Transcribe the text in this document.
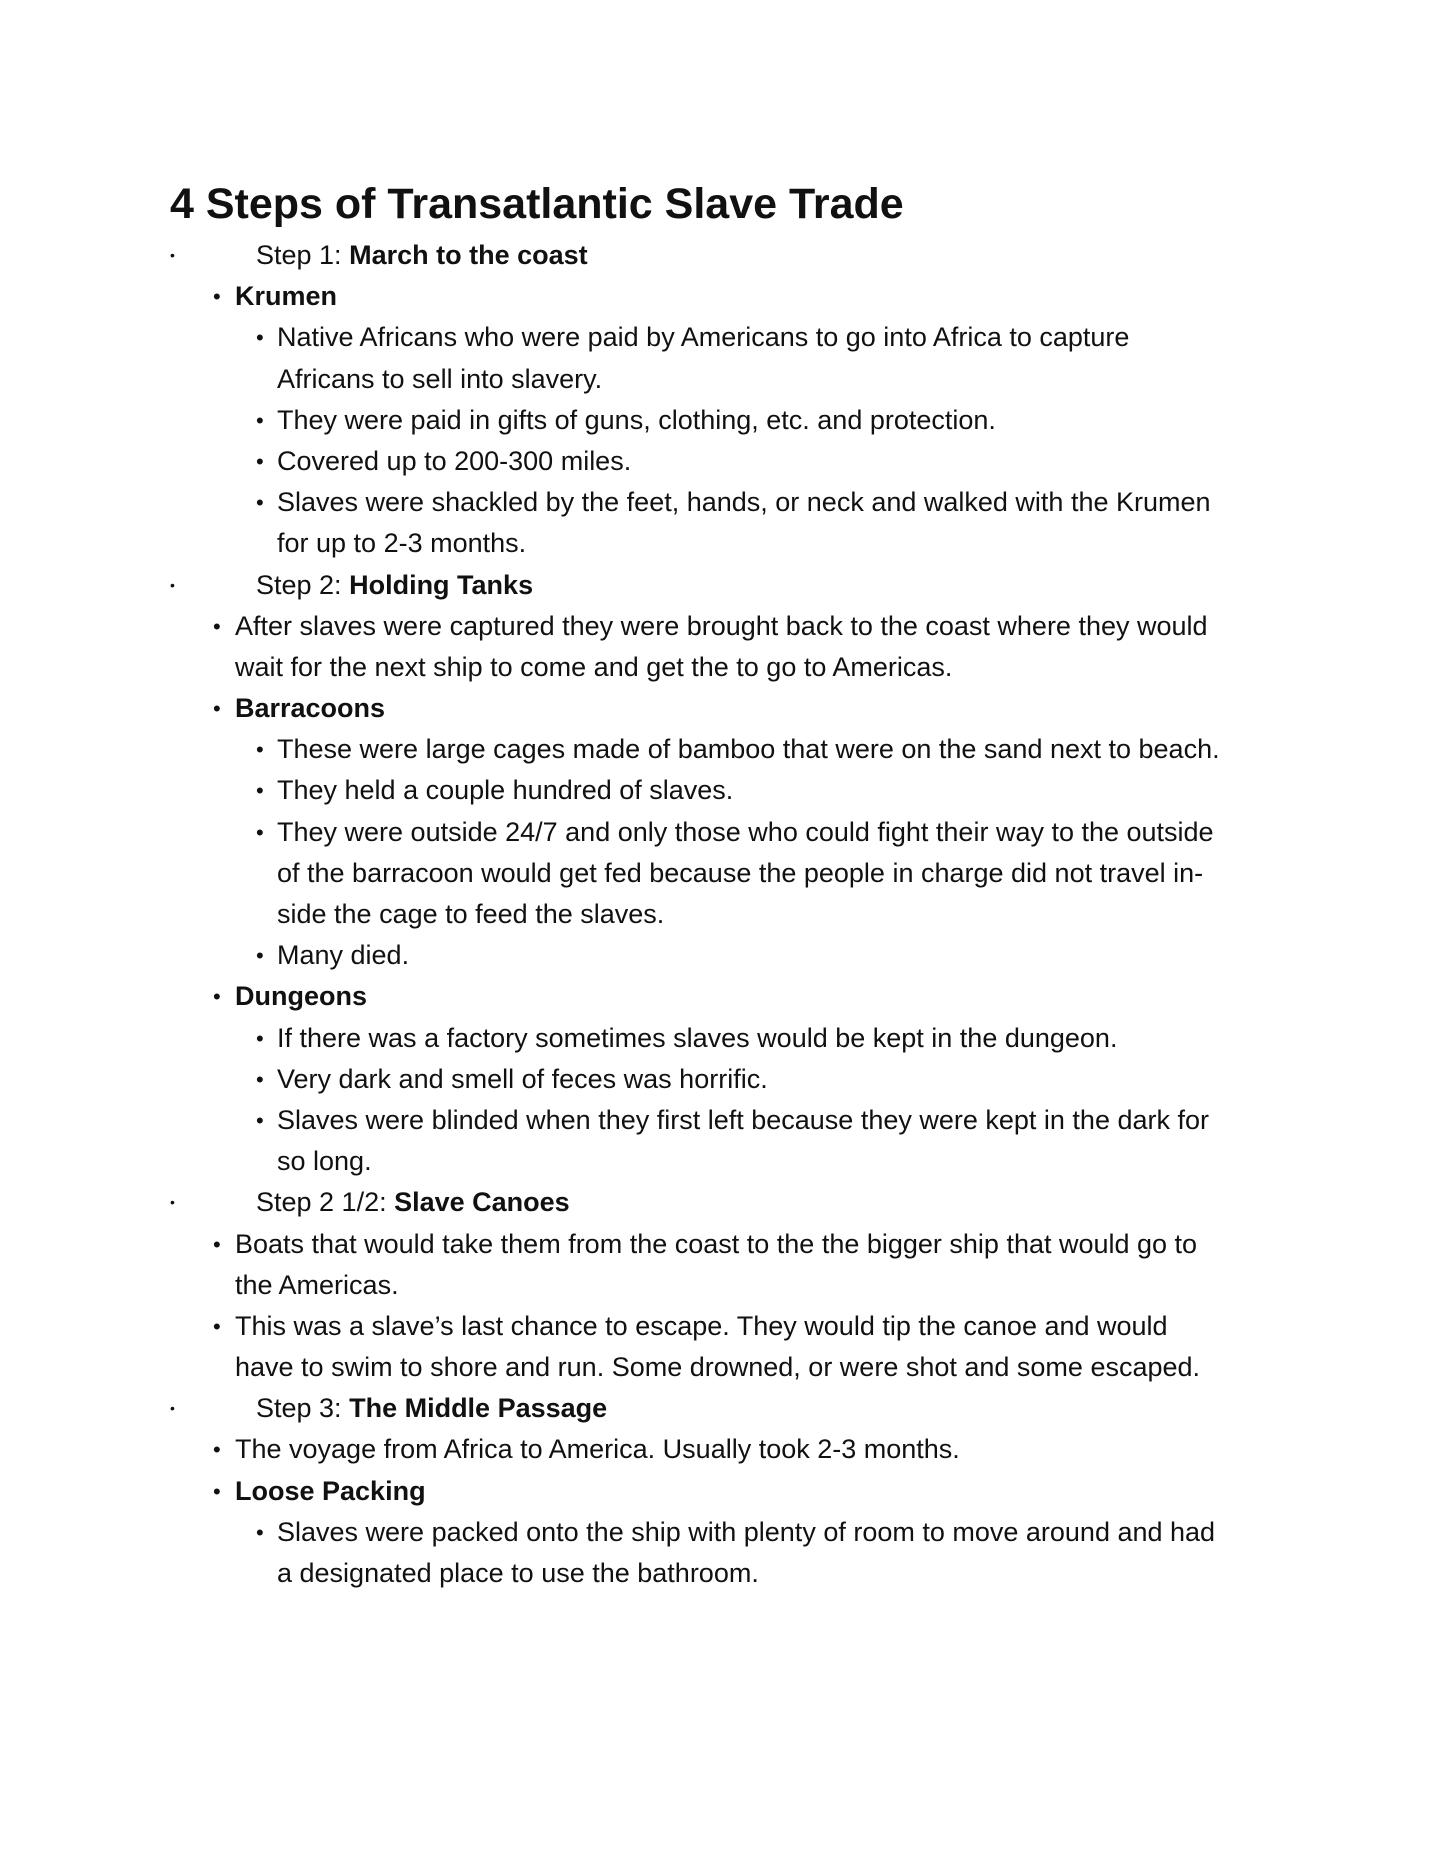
4 Steps of Transatlantic Slave Trade
•	Step 1: March to the coast
• Krumen
• Native Africans who were paid by Americans to go into Africa to capture
Africans to sell into slavery.
• They were paid in gifts of guns, clothing, etc. and protection.
• Covered up to 200-300 miles.
• Slaves were shackled by the feet, hands, or neck and walked with the Krumen
for up to 2-3 months.
•	Step 2: Holding Tanks
• After slaves were captured they were brought back to the coast where they would
wait for the next ship to come and get the to go to Americas.
• Barracoons
• These were large cages made of bamboo that were on the sand next to beach.
• They held a couple hundred of slaves.
• They were outside 24/7 and only those who could fight their way to the outside
of the barracoon would get fed because the people in charge did not travel in-
side the cage to feed the slaves.
• Many died.
• Dungeons
• If there was a factory sometimes slaves would be kept in the dungeon.
• Very dark and smell of feces was horrific.
• Slaves were blinded when they first left because they were kept in the dark for
so long.
•	Step 2 1/2: Slave Canoes
• Boats that would take them from the coast to the the bigger ship that would go to
the Americas.
• This was a slave’s last chance to escape. They would tip the canoe and would
have to swim to shore and run. Some drowned, or were shot and some escaped.
•	Step 3: The Middle Passage
• The voyage from Africa to America. Usually took 2-3 months.
• Loose Packing
• Slaves were packed onto the ship with plenty of room to move around and had
a designated place to use the bathroom.
